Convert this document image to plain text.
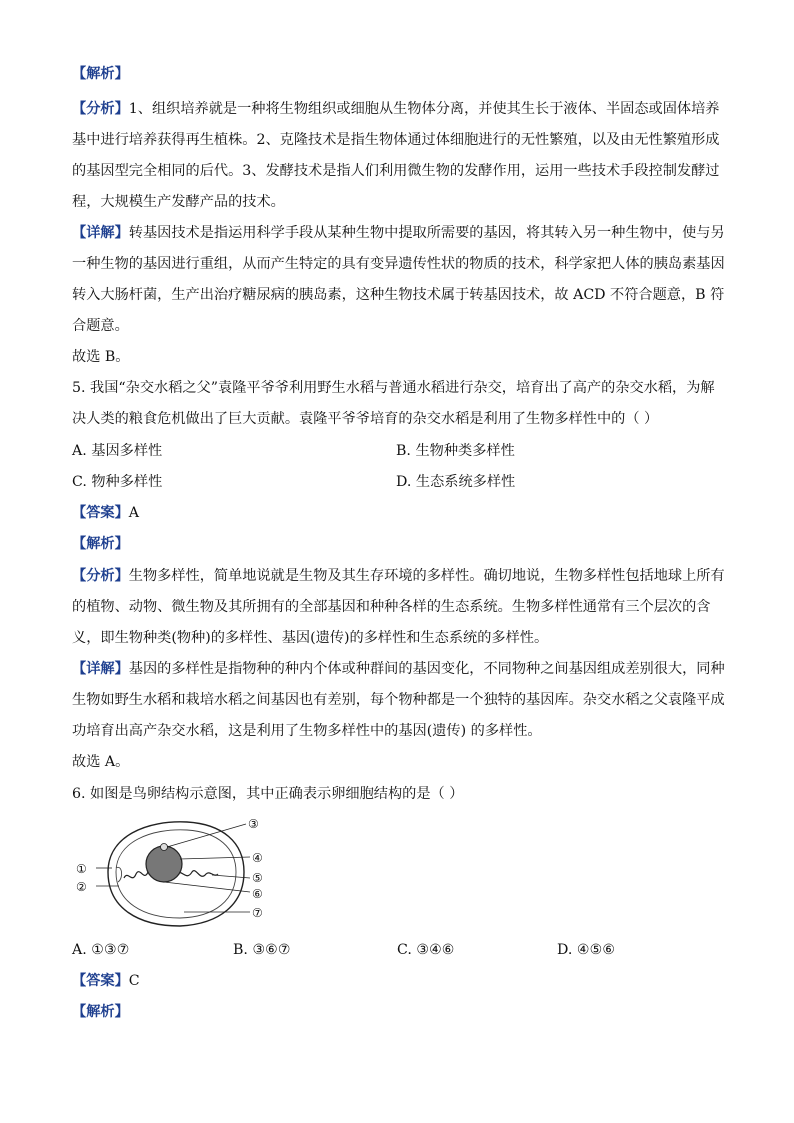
【解析】
【分析】1、组织培养就是一种将生物组织或细胞从生物体分离，并使其生长于液体、半固态或固体培养
基中进行培养获得再生植株。2、克隆技术是指生物体通过体细胞进行的无性繁殖，以及由无性繁殖形成
的基因型完全相同的后代。3、发酵技术是指人们利用微生物的发酵作用，运用一些技术手段控制发酵过
程，大规模生产发酵产品的技术。
【详解】转基因技术是指运用科学手段从某种生物中提取所需要的基因，将其转入另一种生物中，使与另
一种生物的基因进行重组，从而产生特定的具有变异遗传性状的物质的技术，科学家把人体的胰岛素基因
转入大肠杆菌，生产出治疗糖尿病的胰岛素，这种生物技术属于转基因技术，故 ACD 不符合题意，B 符
合题意。
故选 B。
5. 我国“杂交水稻之父”袁隆平爷爷利用野生水稻与普通水稻进行杂交，培育出了高产的杂交水稻，为解
决人类的粮食危机做出了巨大贡献。袁隆平爷爷培育的杂交水稻是利用了生物多样性中的（ ）
A. 基因多样性	B. 生物种类多样性
C. 物种多样性	D. 生态系统多样性
【答案】A
【解析】
【分析】生物多样性，简单地说就是生物及其生存环境的多样性。确切地说，生物多样性包括地球上所有
的植物、动物、微生物及其所拥有的全部基因和种种各样的生态系统。生物多样性通常有三个层次的含
义，即生物种类(物种)的多样性、基因(遗传)的多样性和生态系统的多样性。
【详解】基因的多样性是指物种的种内个体或种群间的基因变化，不同物种之间基因组成差别很大，同种
生物如野生水稻和栽培水稻之间基因也有差别，每个物种都是一个独特的基因库。杂交水稻之父袁隆平成
功培育出高产杂交水稻，这是利用了生物多样性中的基因(遗传) 的多样性。
故选 A。
6. 如图是鸟卵结构示意图，其中正确表示卵细胞结构的是（ ）
①
②
③
④
⑤
⑥
⑦
A. ①③⑦	B. ③⑥⑦	C. ③④⑥	D. ④⑤⑥
【答案】C
【解析】
